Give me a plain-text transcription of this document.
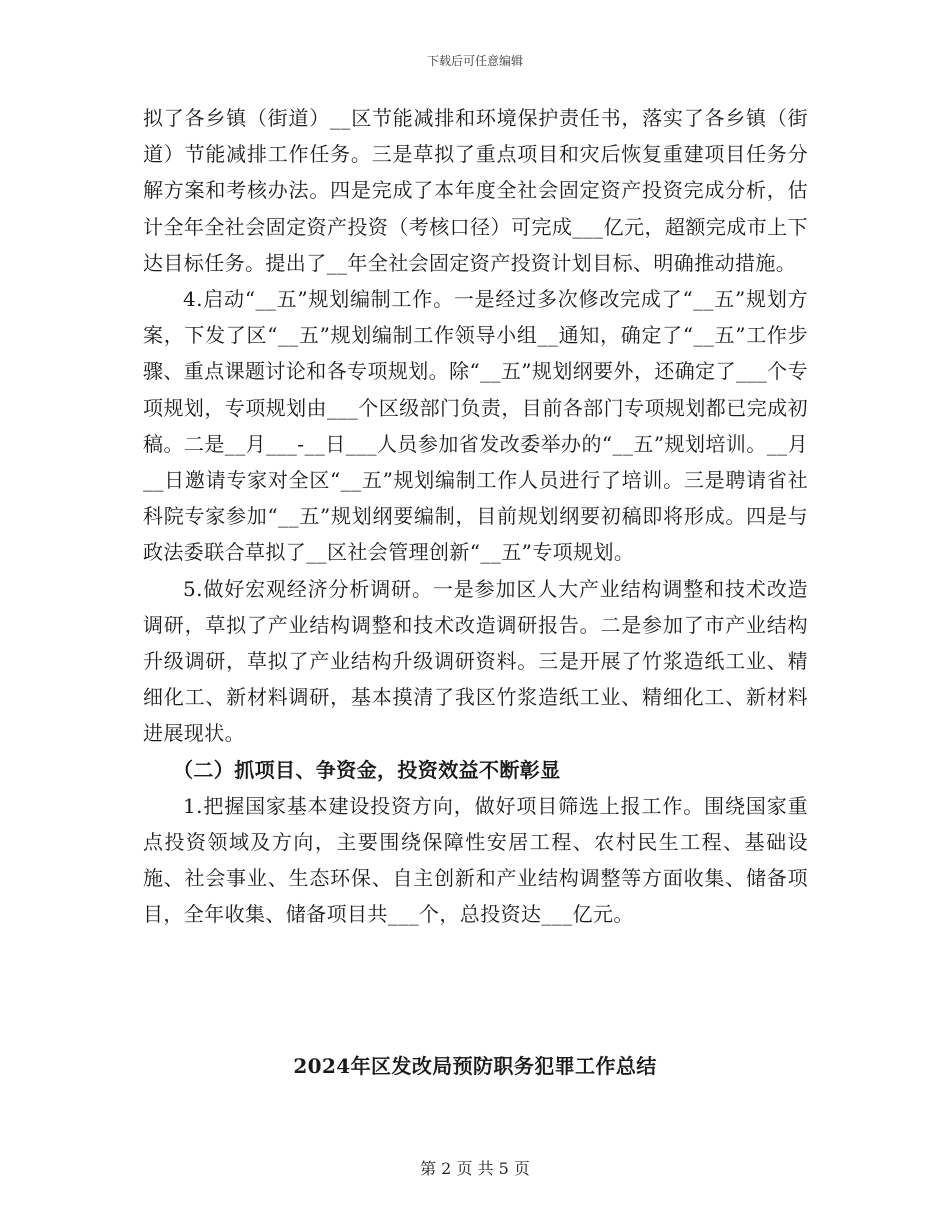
下载后可任意编辑

拟了各乡镇（街道）__区节能减排和环境保护责任书，落实了各乡镇（街道）节能减排工作任务。三是草拟了重点项目和灾后恢复重建项目任务分解方案和考核办法。四是完成了本年度全社会固定资产投资完成分析，估计全年全社会固定资产投资（考核口径）可完成___亿元，超额完成市上下达目标任务。提出了__年全社会固定资产投资计划目标、明确推动措施。

4.启动“__五”规划编制工作。一是经过多次修改完成了“__五”规划方案，下发了区“__五”规划编制工作领导小组__通知，确定了“__五”工作步骤、重点课题讨论和各专项规划。除“__五”规划纲要外，还确定了___个专项规划，专项规划由___个区级部门负责，目前各部门专项规划都已完成初稿。二是__月___-__日___人员参加省发改委举办的“__五”规划培训。__月__日邀请专家对全区“__五”规划编制工作人员进行了培训。三是聘请省社科院专家参加“__五”规划纲要编制，目前规划纲要初稿即将形成。四是与政法委联合草拟了__区社会管理创新“__五”专项规划。

5.做好宏观经济分析调研。一是参加区人大产业结构调整和技术改造调研，草拟了产业结构调整和技术改造调研报告。二是参加了市产业结构升级调研，草拟了产业结构升级调研资料。三是开展了竹浆造纸工业、精细化工、新材料调研，基本摸清了我区竹浆造纸工业、精细化工、新材料进展现状。

（二）抓项目、争资金，投资效益不断彰显

1.把握国家基本建设投资方向，做好项目筛选上报工作。围绕国家重点投资领域及方向，主要围绕保障性安居工程、农村民生工程、基础设施、社会事业、生态环保、自主创新和产业结构调整等方面收集、储备项目，全年收集、储备项目共___个，总投资达___亿元。

2024年区发改局预防职务犯罪工作总结
第 2 页 共 5 页
